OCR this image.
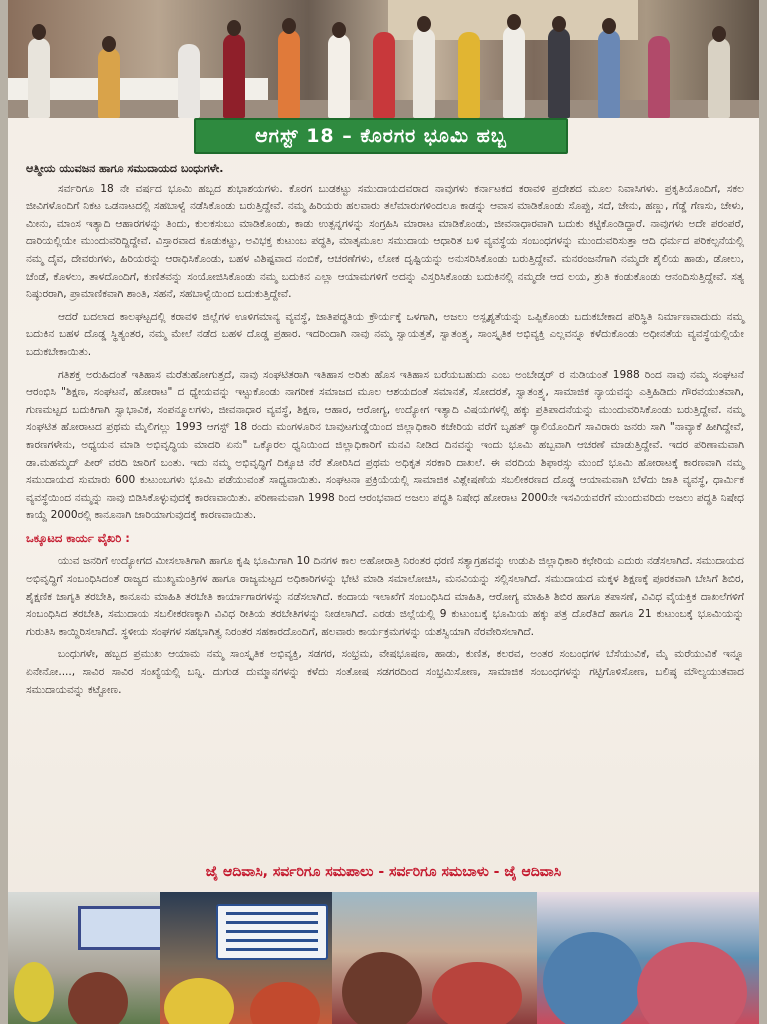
ಆಗಸ್ಟ್ 18 – ಕೊರಗರ ಭೂಮಿ ಹಬ್ಬ

ಆತ್ಮೀಯ ಯುವಜನ ಹಾಗೂ ಸಮುದಾಯದ ಬಂಧುಗಳೇ.

ಸರ್ವರಿಗೂ 18 ನೇ ವರ್ಷದ ಭೂಮಿ ಹಬ್ಬದ ಶುಭಾಶಯಗಳು. ಕೊರಗ ಬುಡಕಟ್ಟು ಸಮುದಾಯದವರಾದ ನಾವುಗಳು ಕರ್ನಾಟಕದ ಕರಾವಳಿ ಪ್ರದೇಶದ ಮೂಲ ನಿವಾಸಿಗಳು. ಪ್ರಕೃತಿಯೊಂದಿಗೆ, ಸಕಲ ಜೀವಿಗಳೊಂದಿಗೆ ನಿಕಟ ಒಡನಾಟದಲ್ಲಿ ಸಹಬಾಳ್ವೆ ನಡೆಸಿಕೊಂಡು ಬರುತ್ತಿದ್ದೇವೆ. ನಮ್ಮ ಹಿರಿಯರು ಹಲವಾರು ತಲೆಮಾರುಗಳಿಂದಲೂ ಕಾಡನ್ನು ಆವಾಸ ಮಾಡಿಕೊಂಡು ಸೊಪ್ಪು, ಸದೆ, ಜೇನು, ಹಣ್ಣು, ಗೆಡ್ಡೆ ಗೆಣಸು, ಚೇಳು, ಮೀನು, ಮಾಂಸ ಇತ್ಯಾದಿ ಆಹಾರಗಳನ್ನು ತಿಂದು, ಕುಲಕಸುಬು ಮಾಡಿಕೊಂಡು, ಕಾಡು ಉತ್ಪನ್ನಗಳನ್ನು ಸಂಗ್ರಹಿಸಿ ಮಾರಾಟ ಮಾಡಿಕೊಂಡು, ಜೀವನಾಧಾರವಾಗಿ ಬದುಕು ಕಟ್ಟಿಕೊಂಡಿದ್ದಾರೆ. ನಾವುಗಳು ಅದೇ ಪರಂಪರೆ, ದಾರಿಯಲ್ಲಿಯೇ ಮುಂದುವರಿದ್ದಿದ್ದೇವೆ. ವಿಸ್ತಾರವಾದ ಕೂಡುಕಟ್ಟು, ಅವಿಭಕ್ತ ಕುಟುಂಬ ಪದ್ಧತಿ, ಮಾತೃಮೂಲ ಸಮುದಾಯ ಆಧಾರಿತ ಬಳಿ ವ್ಯವಸ್ಥೆಯ ಸಂಬಂಧಗಳನ್ನು ಮುಂದುವರಿಸುತ್ತಾ ಆದಿ ಧರ್ಮದ ಪರಿಕಲ್ಪನೆಯಲ್ಲಿ ನಮ್ಮ ದೈವ, ದೇವರುಗಳು, ಹಿರಿಯರನ್ನು ಆರಾಧಿಸಿಕೊಂಡು, ಬಹಳ ವಿಶಿಷ್ಟವಾದ ನಂಬಿಕೆ, ಆಚರಣೆಗಳು, ಲೋಕ ದೃಷ್ಟಿಯನ್ನು ಅನುಸರಿಸಿಕೊಂಡು ಬರುತ್ತಿದ್ದೇವೆ. ಮನರಂಜನೆಗಾಗಿ ನಮ್ಮದೇ ಶೈಲಿಯ ಹಾಡು, ಡೋಲು, ಚೆಂಡೆ, ಕೊಳಲು, ತಾಳದೊಂದಿಗೆ, ಕುಣಿತವನ್ನು ಸಂಯೋಜಿಸಿಕೊಂಡು ನಮ್ಮ ಬದುಕಿನ ಎಲ್ಲಾ ಆಯಾಮಗಳಿಗೆ ಅದನ್ನು ವಿಸ್ತರಿಸಿಕೊಂಡು ಬದುಕಿನಲ್ಲಿ ನಮ್ಮದೇ ಆದ ಲಯ, ಶ್ರುತಿ ಕಂಡುಕೊಂಡು ಆನಂದಿಸುತ್ತಿದ್ದೇವೆ. ಸತ್ಯ ನಿಷ್ಠುರರಾಗಿ, ಪ್ರಾಮಾಣಿಕವಾಗಿ ಶಾಂತಿ, ಸಹನೆ, ಸಹಬಾಳ್ವೆಯಿಂದ ಬದುಕುತ್ತಿದ್ದೇವೆ.

ಆದರೆ ಬದಲಾದ ಕಾಲಘಟ್ಟದಲ್ಲಿ ಕರಾವಳಿ ಜಿಲ್ಲೆಗಳ ಊಳಿಗಮಾನ್ಯ ವ್ಯವಸ್ಥೆ, ಜಾತಿಪದ್ಧತಿಯ ಕ್ರೌರ್ಯಕ್ಕೆ ಒಳಗಾಗಿ, ಅಜಲು ಅಸ್ಪೃಶ್ಯತೆಯನ್ನು ಒಪ್ಪಿಕೊಂಡು ಬದುಕಬೇಕಾದ ಪರಿಸ್ಥಿತಿ ನಿರ್ಮಾಣವಾದುದು ನಮ್ಮ ಬದುಕಿನ ಬಹಳ ದೊಡ್ಡ ಸ್ಥಿತ್ಯಂತರ, ನಮ್ಮ ಮೇಲೆ ನಡೆದ ಬಹಳ ದೊಡ್ಡ ಪ್ರಹಾರ. ಇದರಿಂದಾಗಿ ನಾವು ನಮ್ಮ ಸ್ವಾಯತ್ತತೆ, ಸ್ವಾತಂತ್ರ್ಯ, ಸಾಂಸ್ಕೃತಿಕ ಅಭಿವ್ಯಕ್ತಿ ಎಲ್ಲವನ್ನೂ ಕಳೆದುಕೊಂಡು ಅಧೀನತೆಯ ವ್ಯವಸ್ಥೆಯಲ್ಲಿಯೇ ಬದುಕಬೇಕಾಯಿತು.

ಗತಿಶಕ್ತ ಅರುಹಿದಂತೆ ಇತಿಹಾಸ ಮರೆತುಹೋಗುತ್ತದೆ, ನಾವು ಸಂಘಟಿತರಾಗಿ ಇತಿಹಾಸ ಅರಿತು ಹೊಸ ಇತಿಹಾಸ ಬರೆಯಬಹುದು ಎಂಬ ಅಂಬೇಡ್ಕರ್ ರ ನುಡಿಯಂತೆ 1988 ರಿಂದ ನಾವು ನಮ್ಮ ಸಂಘಟನೆ ಆರಂಭಿಸಿ "ಶಿಕ್ಷಣ, ಸಂಘಟನೆ, ಹೋರಾಟ" ದ ಧ್ಯೇಯವನ್ನು ಇಟ್ಟುಕೊಂಡು ನಾಗರೀಕ ಸಮಾಜದ ಮೂಲ ಆಶಯದಂತೆ ಸಮಾನತೆ, ಸೋದರತೆ, ಸ್ವಾತಂತ್ರ್ಯ, ಸಾಮಾಜಿಕ ನ್ಯಾಯವನ್ನು ಎತ್ತಿಹಿಡಿದು ಗೌರವಯುತವಾಗಿ, ಗುಣಮಟ್ಟದ ಬದುಕಿಗಾಗಿ ಸ್ವಾಭಾವಿಕ, ಸಂಪನ್ಮೂಲಗಳು, ಜೀವನಾಧಾರ ವ್ಯವಸ್ಥೆ, ಶಿಕ್ಷಣ, ಆಹಾರ, ಆರೋಗ್ಯ, ಉದ್ಯೋಗ ಇತ್ಯಾದಿ ವಿಷಯಗಳಲ್ಲಿ ಹಕ್ಕು ಪ್ರತಿಪಾದನೆಯನ್ನು ಮುಂದುವರಿಸಿಕೊಂಡು ಬರುತ್ತಿದ್ದೇವೆ. ನಮ್ಮ ಸಂಘಟಿತ ಹೋರಾಟದ ಪ್ರಥಮ ಮೈಲಿಗಲ್ಲು 1993 ಆಗಸ್ಟ್ 18 ರಂದು ಮಂಗಳೂರಿನ ಬಾವುಟಗುಡ್ಡೆಯಿಂದ ಜಿಲ್ಲಾಧಿಕಾರಿ ಕಚೇರಿಯ ವರೆಗೆ ಬೃಹತ್ ರ್‍ಯಾಲಿಯೊಂದಿಗೆ ಸಾವಿರಾರು ಜನರು ಸಾಗಿ "ನಾವ್ಯಾಕೆ ಹೀಗಿದ್ದೇವೆ, ಕಾರಣಗಳೇನು, ಅಧ್ಯಯನ ಮಾಡಿ ಅಭಿವೃದ್ಧಿಯ ಮಾದರಿ ಏನು" ಒಕ್ಕೊರಲ ಧ್ವನಿಯಿಂದ ಜಿಲ್ಲಾಧಿಕಾರಿಗೆ ಮನವಿ ನೀಡಿದ ದಿನವನ್ನು ಇಂದು ಭೂಮಿ ಹಬ್ಬವಾಗಿ ಆಚರಣೆ ಮಾಡುತ್ತಿದ್ದೇವೆ. ಇದರ ಪರಿಣಾಮವಾಗಿ ಡಾ.ಮಹಮ್ಮದ್ ಪೀರ್ ವರದಿ ಜಾರಿಗೆ ಬಂತು. ಇದು ನಮ್ಮ ಅಭಿವೃದ್ಧಿಗೆ ದಿಕ್ಸೂಚಿ ನೆರೆ ತೋರಿಸಿದ ಪ್ರಥಮ ಅಧಿಕೃತ ಸರಕಾರಿ ದಾಖಲೆ. ಈ ವರದಿಯ ಶಿಫಾರಸ್ಸು ಮುಂದೆ ಭೂಮಿ ಹೋರಾಟಕ್ಕೆ ಕಾರಣವಾಗಿ ನಮ್ಮ ಸಮುದಾಯದ ಸುಮಾರು 600 ಕುಟುಂಬಗಳು ಭೂಮಿ ಪಡೆಯುವಂತೆ ಸಾಧ್ಯವಾಯಿತು. ಸಂಘಟನಾ ಪ್ರಕ್ರಿಯೆಯಲ್ಲಿ ಸಾಮಾಜಿಕ ವಿಶ್ಲೇಷಣೆಯ ಸಬಲೀಕರಣದ ದೊಡ್ಡ ಆಯಾಮವಾಗಿ ಬೆಳೆದು ಜಾತಿ ವ್ಯವಸ್ಥೆ, ಧಾರ್ಮಿಕ ವ್ಯವಸ್ಥೆಯಿಂದ ನಮ್ಮನ್ನು ನಾವು ಬಿಡಿಸಿಕೊಳ್ಳುವುದಕ್ಕೆ ಕಾರಣವಾಯಿತು. ಪರಿಣಾಮವಾಗಿ 1998 ರಿಂದ ಆರಂಭವಾದ ಅಜಲು ಪದ್ಧತಿ ನಿಷೇಧ ಹೋರಾಟ 2000ನೇ ಇಸವಿಯವರೆಗೆ ಮುಂದುವರಿದು ಅಜಲು ಪದ್ಧತಿ ನಿಷೇಧ ಕಾಯ್ದೆ 2000ರಲ್ಲಿ ಕಾನೂನಾಗಿ ಜಾರಿಯಾಗುವುದಕ್ಕೆ ಕಾರಣವಾಯಿತು.

ಒಕ್ಕೂಟದ ಕಾರ್ಯ ವೈಖರಿ :

ಯುವ ಜನರಿಗೆ ಉದ್ಯೋಗದ ಮೀಸಲಾತಿಗಾಗಿ ಹಾಗೂ ಕೃಷಿ ಭೂಮಿಗಾಗಿ 10 ದಿನಗಳ ಕಾಲ ಅಹೋರಾತ್ರಿ ನಿರಂತರ ಧರಣಿ ಸತ್ಯಾಗ್ರಹವನ್ನು ಉಡುಪಿ ಜಿಲ್ಲಾಧಿಕಾರಿ ಕಛೇರಿಯ ಎದುರು ನಡೆಸಲಾಗಿದೆ. ಸಮುದಾಯದ ಅಭಿವೃದ್ಧಿಗೆ ಸಂಬಂಧಿಸಿದಂತೆ ರಾಜ್ಯದ ಮುಖ್ಯಮಂತ್ರಿಗಳ ಹಾಗೂ ರಾಜ್ಯಮಟ್ಟದ ಅಧಿಕಾರಿಗಳನ್ನು ಭೇಟಿ ಮಾಡಿ ಸಮಾಲೋಚಿಸಿ, ಮನವಿಯನ್ನು ಸಲ್ಲಿಸಲಾಗಿದೆ. ಸಮುದಾಯದ ಮಕ್ಕಳ ಶಿಕ್ಷಣಕ್ಕೆ ಪೂರಕವಾಗಿ ಬೇಸಿಗೆ ಶಿಬಿರ, ಶೈಕ್ಷಣಿಕ ಜಾಗೃತಿ ತರಬೇತಿ, ಕಾನೂನು ಮಾಹಿತಿ ತರಬೇತಿ ಕಾರ್ಯಾಗಾರಗಳನ್ನು ನಡೆಸಲಾಗಿದೆ. ಕಂದಾಯ ಇಲಾಖೆಗೆ ಸಂಬಂಧಿಸಿದ ಮಾಹಿತಿ, ಆರೋಗ್ಯ ಮಾಹಿತಿ ಶಿಬಿರ ಹಾಗೂ ತಪಾಸಣೆ, ವಿವಿಧ ವೈಯಕ್ತಿಕ ದಾಖಲೆಗಳಿಗೆ ಸಂಬಂಧಿಸಿದ ತರಬೇತಿ, ಸಮುದಾಯ ಸಬಲೀಕರಣಕ್ಕಾಗಿ ವಿವಿಧ ರೀತಿಯ ತರಬೇತಿಗಳನ್ನು ನೀಡಲಾಗಿದೆ. ಎರಡು ಜಿಲ್ಲೆಯಲ್ಲಿ 9 ಕುಟುಂಬಕ್ಕೆ ಭೂಮಿಯ ಹಕ್ಕು ಪತ್ರ ದೊರೆತಿದೆ ಹಾಗೂ 21 ಕುಟುಂಬಕ್ಕೆ ಭೂಮಿಯನ್ನು ಗುರುತಿಸಿ ಕಾಯ್ದಿರಿಸಲಾಗಿದೆ. ಸ್ಥಳೀಯ ಸಂಘಗಳ ಸಹಭಾಗಿತ್ವ ನಿರಂತರ ಸಹಕಾರದೊಂದಿಗೆ, ಹಲವಾರು ಕಾರ್ಯಕ್ರಮಗಳನ್ನು ಯಶಸ್ವಿಯಾಗಿ ನೆರವೇರಿಸಲಾಗಿದೆ.

ಬಂಧುಗಳೇ, ಹಬ್ಬದ ಪ್ರಮುಖ ಆಯಾಮ ನಮ್ಮ ಸಾಂಸ್ಕೃತಿಕ ಅಭಿವ್ಯಕ್ತಿ, ಸಡಗರ, ಸಂಭ್ರಮ, ವೇಷಭೂಷಣ, ಹಾಡು, ಕುಣಿತ, ಕಲರವ, ಅಂತರ ಸಂಬಂಧಗಳ ಬೆಸೆಯುವಿಕೆ, ಮೈ ಮರೆಯುವಿಕೆ ಇನ್ನೂ ಏನೇನೋ...., ಸಾವಿರ ಸಾವಿರ ಸಂಖ್ಯೆಯಲ್ಲಿ ಬನ್ನಿ. ದುಗುಡ ದುಮ್ಮಾನಗಳನ್ನು ಕಳೆದು ಸಂತೋಷ ಸಡಗರದಿಂದ ಸಂಭ್ರಮಿಸೋಣ, ಸಾಮಾಜಿಕ ಸಂಬಂಧಗಳನ್ನು ಗಟ್ಟಿಗೊಳಿಸೋಣ, ಬಲಿಷ್ಠ ಮೌಲ್ಯಯುತವಾದ ಸಮುದಾಯವನ್ನು ಕಟ್ಟೋಣ.

ಜೈ ಆದಿವಾಸಿ, ಸರ್ವರಿಗೂ ಸಮಪಾಲು - ಸರ್ವರಿಗೂ ಸಮಬಾಳು - ಜೈ ಆದಿವಾಸಿ
